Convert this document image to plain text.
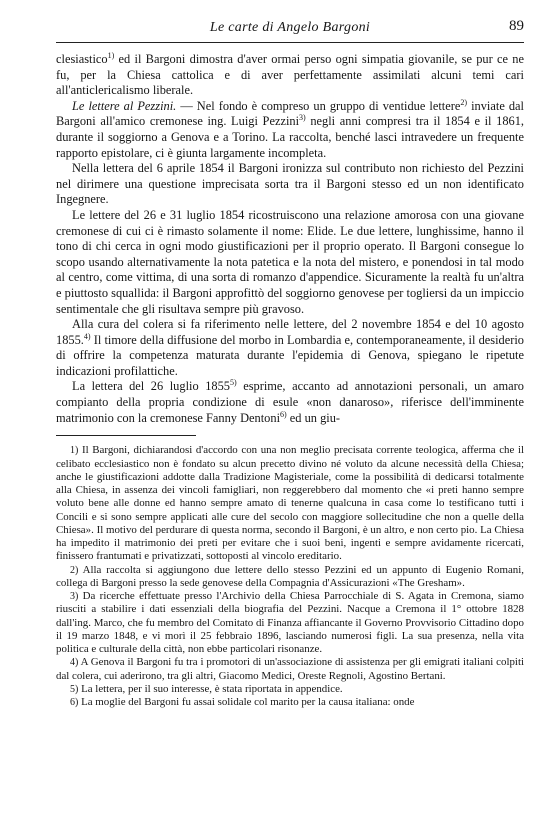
Le carte di Angelo Bargoni	89

clesiastico$^{1)}$ ed il Bargoni dimostra d'aver ormai perso ogni simpatia giovanile, se pur ce ne fu, per la Chiesa cattolica e di aver perfettamente assimilati alcuni temi cari all'anticlericalismo liberale.

Le lettere al Pezzini. — Nel fondo è compreso un gruppo di ventidue lettere$^{2)}$ inviate dal Bargoni all'amico cremonese ing. Luigi Pezzini$^{3)}$ negli anni compresi tra il 1854 e il 1861, durante il soggiorno a Genova e a Torino. La raccolta, benché lasci intravedere un frequente rapporto epistolare, ci è giunta largamente incompleta.

Nella lettera del 6 aprile 1854 il Bargoni ironizza sul contributo non richiesto del Pezzini nel dirimere una questione imprecisata sorta tra il Bargoni stesso ed un non identificato Ingegnere.

Le lettere del 26 e 31 luglio 1854 ricostruiscono una relazione amorosa con una giovane cremonese di cui ci è rimasto solamente il nome: Elide. Le due lettere, lunghissime, hanno il tono di chi cerca in ogni modo giustificazioni per il proprio operato. Il Bargoni consegue lo scopo usando alternativamente la nota patetica e la nota del mistero, e ponendosi in tal modo al centro, come vittima, di una sorta di romanzo d'appendice. Sicuramente la realtà fu un'altra e piuttosto squallida: il Bargoni approfittò del soggiorno genovese per togliersi da un impiccio sentimentale che gli risultava sempre più gravoso.

Alla cura del colera si fa riferimento nelle lettere, del 2 novembre 1854 e del 10 agosto 1855.$^{4)}$ Il timore della diffusione del morbo in Lombardia e, contemporaneamente, il desiderio di offrire la competenza maturata durante l'epidemia di Genova, spiegano le ripetute indicazioni profilattiche.

La lettera del 26 luglio 1855$^{5)}$ esprime, accanto ad annotazioni personali, un amaro compianto della propria condizione di esule «non danaroso», riferisce dell'imminente matrimonio con la cremonese Fanny Dentoni$^{6)}$ ed un giu-

1) Il Bargoni, dichiarandosi d'accordo con una non meglio precisata corrente teologica, afferma che il celibato ecclesiastico non è fondato su alcun precetto divino né voluto da alcune necessità della Chiesa; anche le giustificazioni addotte dalla Tradizione Magisteriale, come la possibilità di dedicarsi totalmente alla Chiesa, in assenza dei vincoli famigliari, non reggerebbero dal momento che «i preti hanno sempre voluto bene alle donne ed hanno sempre amato di tenerne qualcuna in casa come lo testificano tutti i Concili e si sono sempre applicati alle cure del secolo con maggiore sollecitudine che non a quelle della Chiesa». Il motivo del perdurare di questa norma, secondo il Bargoni, è un altro, e non certo pio. La Chiesa ha impedito il matrimonio dei preti per evitare che i suoi beni, ingenti e sempre avidamente ricercati, finissero frantumati e privatizzati, sottoposti al vincolo ereditario.

2) Alla raccolta si aggiungono due lettere dello stesso Pezzini ed un appunto di Eugenio Romani, collega di Bargoni presso la sede genovese della Compagnia d'Assicurazioni «The Gresham».

3) Da ricerche effettuate presso l'Archivio della Chiesa Parrocchiale di S. Agata in Cremona, siamo riusciti a stabilire i dati essenziali della biografia del Pezzini. Nacque a Cremona il 1° ottobre 1828 dall'ing. Marco, che fu membro del Comitato di Finanza affiancante il Governo Provvisorio Cittadino dopo il 19 marzo 1848, e vi morì il 25 febbraio 1896, lasciando numerosi figli. La sua presenza, nella vita politica e culturale della città, non ebbe particolari risonanze.

4) A Genova il Bargoni fu tra i promotori di un'associazione di assistenza per gli emigrati italiani colpiti dal colera, cui aderirono, tra gli altri, Giacomo Medici, Oreste Regnoli, Agostino Bertani.

5) La lettera, per il suo interesse, è stata riportata in appendice.

6) La moglie del Bargoni fu assai solidale col marito per la causa italiana: onde
